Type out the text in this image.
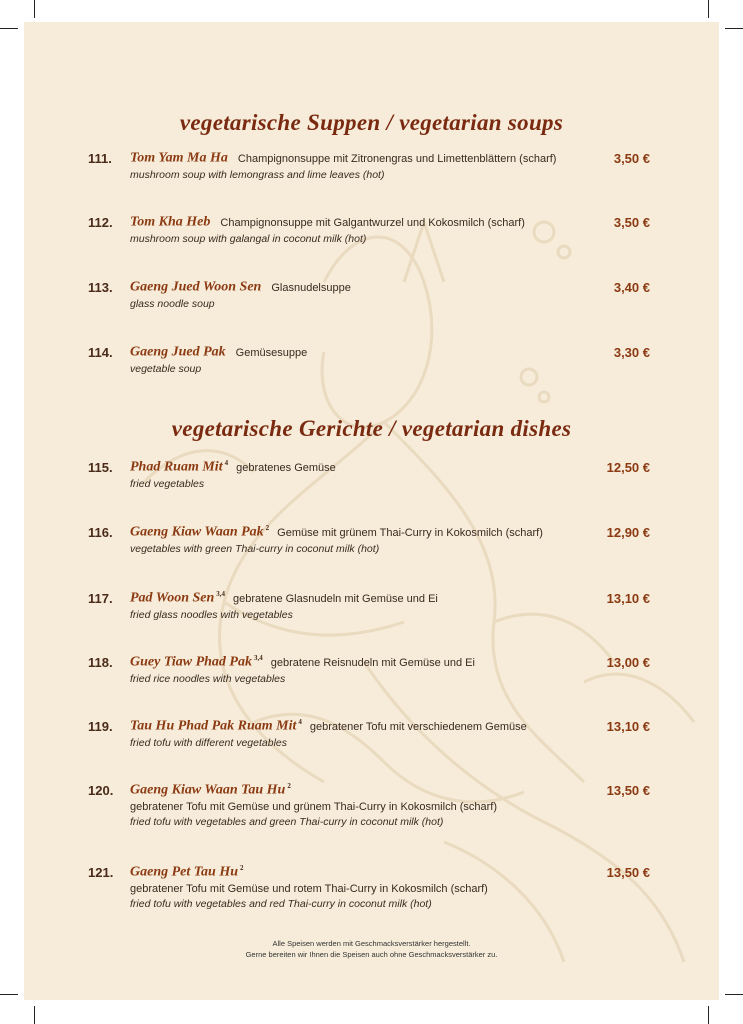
vegetarische Suppen / vegetarian soups
111. Tom Yam Ma Ha Champignonsuppe mit Zitronengras und Limettenblättern (scharf)	3,50 €
mushroom soup with lemongrass and lime leaves (hot)
112. Tom Kha Heb Champignonsuppe mit Galgantwurzel und Kokosmilch (scharf)	3,50 €
mushroom soup with galangal in coconut milk (hot)
113. Gaeng Jued Woon Sen Glasnudelsuppe	3,40 €
glass noodle soup
114. Gaeng Jued Pak Gemüsesuppe	3,30 €
vegetable soup
vegetarische Gerichte / vegetarian dishes
115. Phad Ruam Mit $^4$ gebratenes Gemüse	12,50 €
fried vegetables
116. Gaeng Kiaw Waan Pak $^2$ Gemüse mit grünem Thai-Curry in Kokosmilch (scharf)	12,90 €
vegetables with green Thai-curry in coconut milk (hot)
117. Pad Woon Sen $^{3,4}$ gebratene Glasnudeln mit Gemüse und Ei	13,10 €
fried glass noodles with vegetables
118. Guey Tiaw Phad Pak $^{3,4}$ gebratene Reisnudeln mit Gemüse und Ei	13,00 €
fried rice noodles with vegetables
119. Tau Hu Phad Pak Ruam Mit $^4$ gebratener Tofu mit verschiedenem Gemüse	13,10 €
fried tofu with different vegetables
120. Gaeng Kiaw Waan Tau Hu $^2$	13,50 €
gebratener Tofu mit Gemüse und grünem Thai-Curry in Kokosmilch (scharf)
fried tofu with vegetables and green Thai-curry in coconut milk (hot)
121. Gaeng Pet Tau Hu $^2$	13,50 €
gebratener Tofu mit Gemüse und rotem Thai-Curry in Kokosmilch (scharf)
fried tofu with vegetables and red Thai-curry in coconut milk (hot)
Alle Speisen werden mit Geschmacksverstärker hergestellt.
Gerne bereiten wir Ihnen die Speisen auch ohne Geschmacksverstärker zu.
